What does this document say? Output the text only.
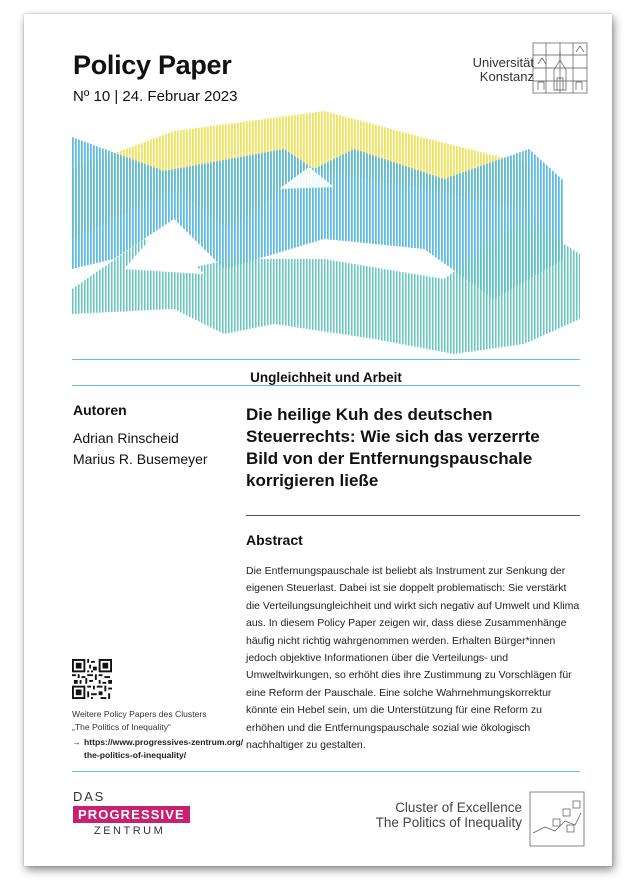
Policy Paper
Nº 10 | 24. Februar 2023
Universität
Konstanz
Ungleichheit und Arbeit
Autoren
Adrian Rinscheid
Marius R. Busemeyer
Die heilige Kuh des deutschen Steuerrechts: Wie sich das verzerrte Bild von der Entfernungspauschale korrigieren ließe
Abstract
Die Entfernungspauschale ist beliebt als Instrument zur Senkung der eigenen Steuerlast. Dabei ist sie doppelt problematisch: Sie verstärkt die Verteilungsungleichheit und wirkt sich negativ auf Umwelt und Klima aus. In diesem Policy Paper zeigen wir, dass diese Zusammenhänge häufig nicht richtig wahrgenommen werden. Erhalten Bürger*innen jedoch objektive Informationen über die Verteilungs- und Umweltwirkungen, so erhöht dies ihre Zustimmung zu Vorschlägen für eine Reform der Pauschale. Eine solche Wahrnehmungskorrektur könnte ein Hebel sein, um die Unterstützung für eine Reform zu erhöhen und die Entfernungspauschale sozial wie ökologisch nachhaltiger zu gestalten.
Weitere Policy Papers des Clusters
„The Politics of Inequality“
→ https://www.progressives-zentrum.org/
the-politics-of-inequality/
DAS
PROGRESSIVE
ZENTRUM
Cluster of Excellence
The Politics of Inequality
